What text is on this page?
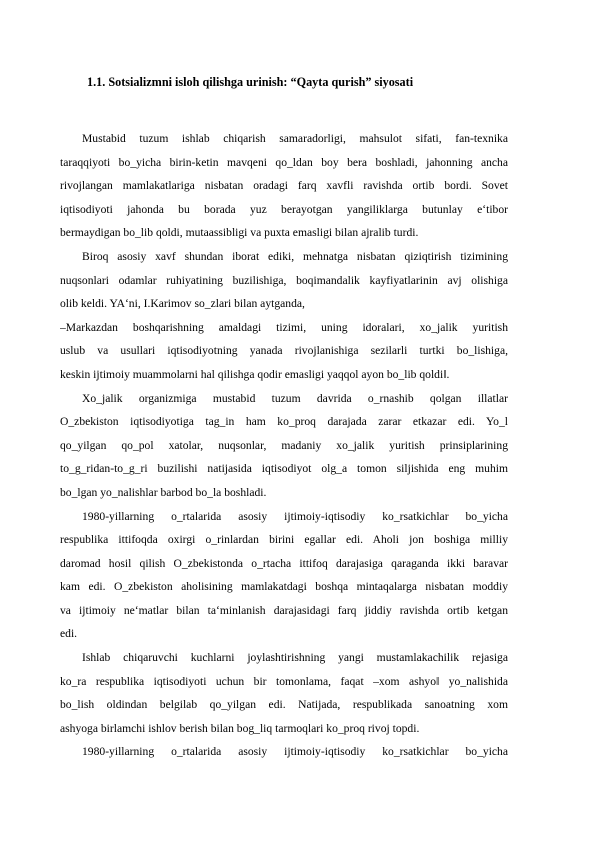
1.1. Sotsializmni isloh qilishga urinish: “Qayta qurish” siyosati
Mustabid tuzum ishlab chiqarish samaradorligi, mahsulot sifati, fan-texnika
taraqqiyoti bo_yicha birin-ketin mavqeni qo_ldan boy bera boshladi, jahonning ancha
rivojlangan mamlakatlariga nisbatan oradagi farq xavfli ravishda ortib bordi. Sovet
iqtisodiyoti jahonda bu borada yuz berayotgan yangiliklarga butunlay e‘tibor
bermaydigan bo_lib qoldi, mutaassibligi va puxta emasligi bilan ajralib turdi.
Biroq asosiy xavf shundan iborat ediki, mehnatga nisbatan qiziqtirish tizimining
nuqsonlari odamlar ruhiyatining buzilishiga, boqimandalik kayfiyatlarinin avj olishiga
olib keldi. YA‘ni, I.Karimov so_zlari bilan aytganda,
–Markazdan boshqarishning amaldagi tizimi, uning idoralari, xo_jalik yuritish
uslub va usullari iqtisodiyotning yanada rivojlanishiga sezilarli turtki bo_lishiga,
keskin ijtimoiy muammolarni hal qilishga qodir emasligi yaqqol ayon bo_lib qoldi‖.
Xo_jalik organizmiga mustabid tuzum davrida o_rnashib qolgan illatlar
O_zbekiston iqtisodiyotiga tag_in ham ko_proq darajada zarar etkazar edi. Yo_l
qo_yilgan qo_pol xatolar, nuqsonlar, madaniy xo_jalik yuritish prinsiplarining
to_g_ridan-to_g_ri buzilishi natijasida iqtisodiyot olg_a tomon siljishida eng muhim
bo_lgan yo_nalishlar barbod bo_la boshladi.
1980-yillarning o_rtalarida asosiy ijtimoiy-iqtisodiy ko_rsatkichlar bo_yicha
respublika ittifoqda oxirgi o_rinlardan birini egallar edi. Aholi jon boshiga milliy
daromad hosil qilish O_zbekistonda o_rtacha ittifoq darajasiga qaraganda ikki baravar
kam edi. O_zbekiston aholisining mamlakatdagi boshqa mintaqalarga nisbatan moddiy
va ijtimoiy ne‘matlar bilan ta‘minlanish darajasidagi farq jiddiy ravishda ortib ketgan
edi.
Ishlab chiqaruvchi kuchlarni joylashtirishning yangi mustamlakachilik rejasiga
ko_ra respublika iqtisodiyoti uchun bir tomonlama, faqat –xom ashyo‖ yo_nalishida
bo_lish oldindan belgilab qo_yilgan edi. Natijada, respublikada sanoatning xom
ashyoga birlamchi ishlov berish bilan bog_liq tarmoqlari ko_proq rivoj topdi.
1980-yillarning o_rtalarida asosiy ijtimoiy-iqtisodiy ko_rsatkichlar bo_yicha
